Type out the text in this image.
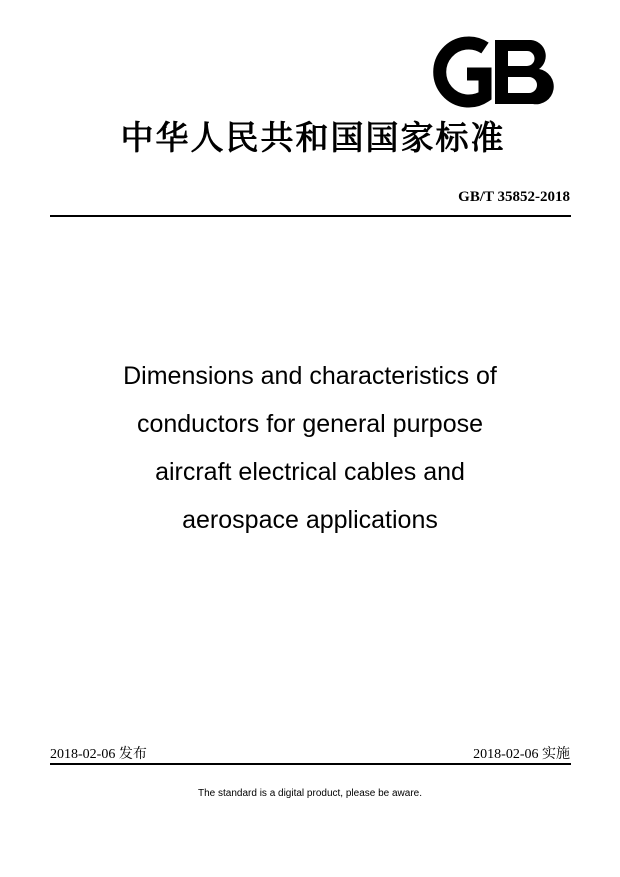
中华人民共和国国家标准
GB/T 35852-2018
Dimensions and characteristics of
conductors for general purpose
aircraft electrical cables and
aerospace applications
2018-02-06 发布	2018-02-06 实施
The standard is a digital product, please be aware.
